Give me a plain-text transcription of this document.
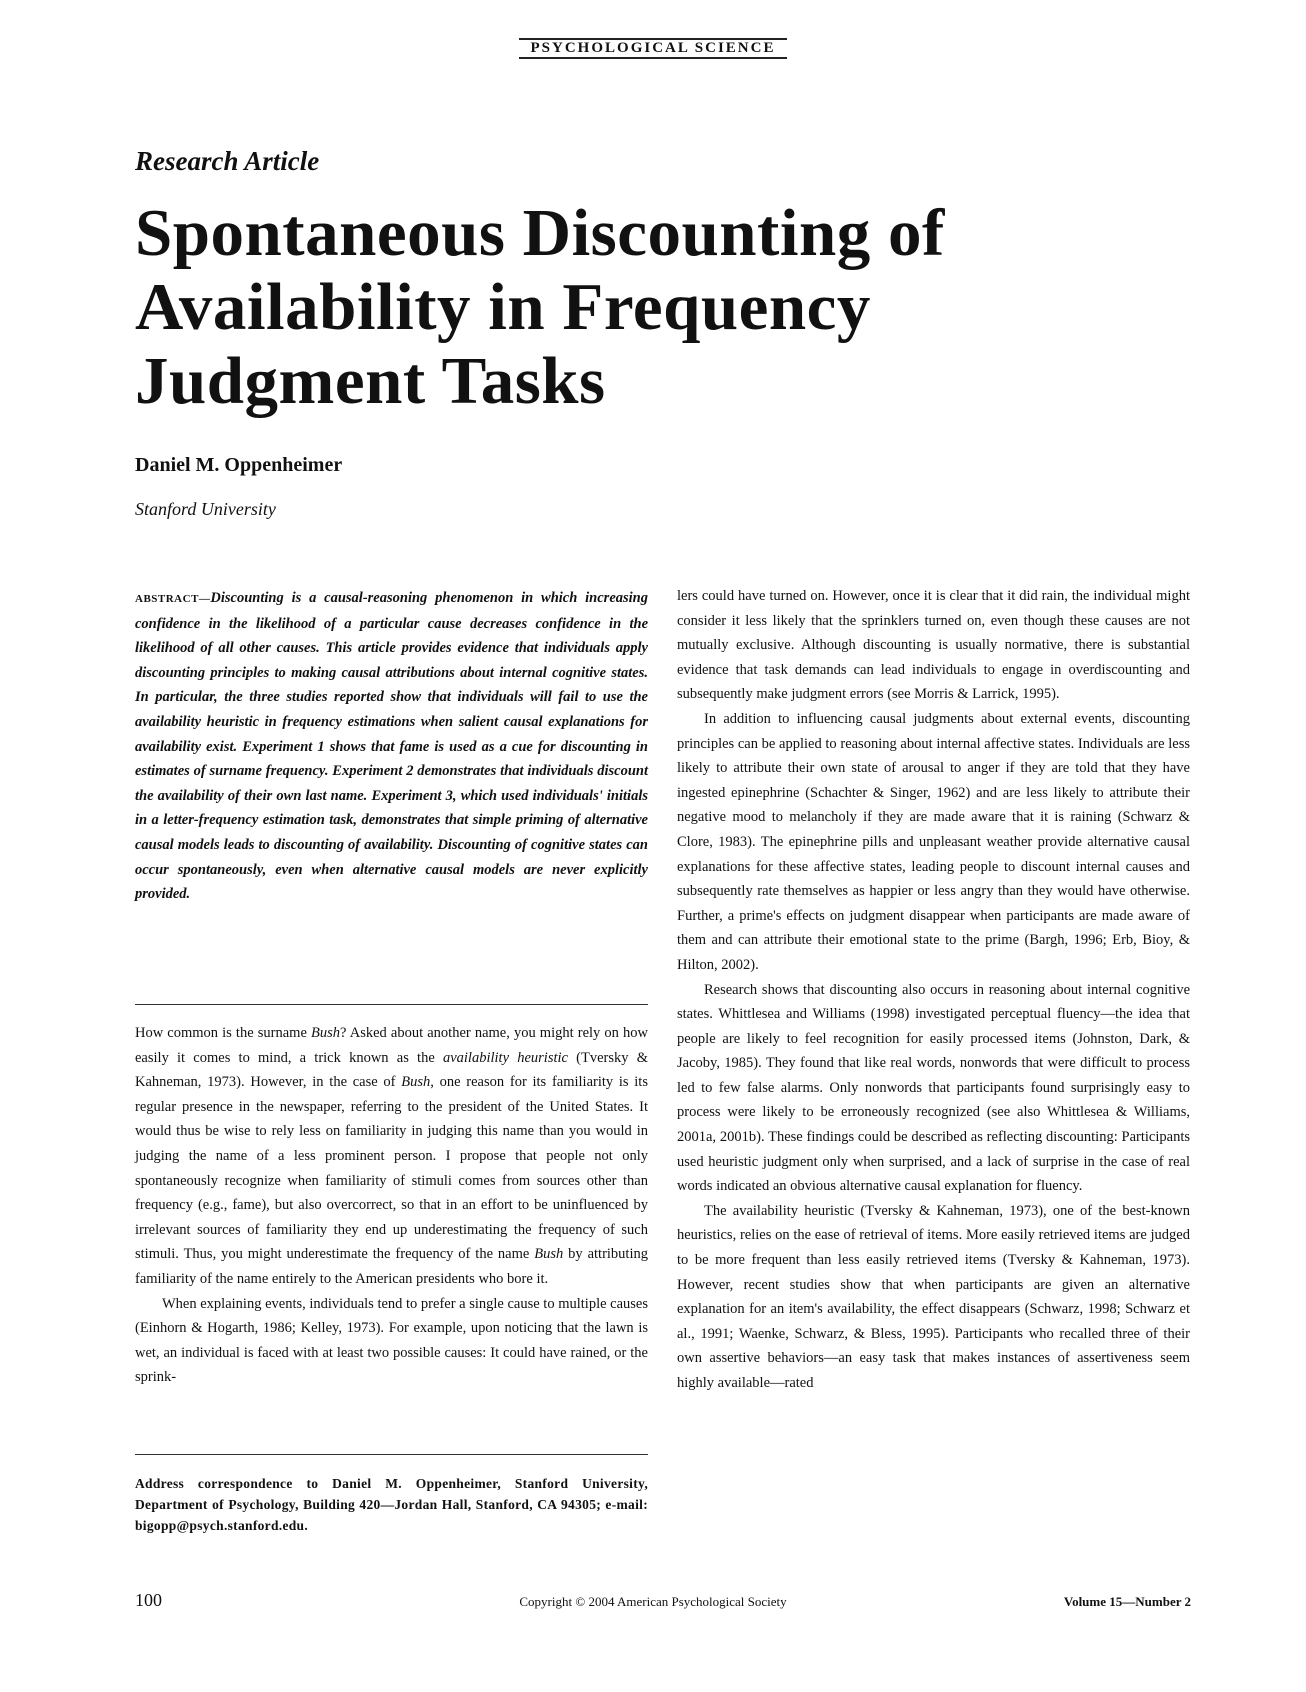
PSYCHOLOGICAL SCIENCE
Research Article
Spontaneous Discounting of Availability in Frequency Judgment Tasks
Daniel M. Oppenheimer
Stanford University

ABSTRACT—Discounting is a causal-reasoning phenomenon in which increasing confidence in the likelihood of a particular cause decreases confidence in the likelihood of all other causes. This article provides evidence that individuals apply discounting principles to making causal attributions about internal cognitive states. In particular, the three studies reported show that individuals will fail to use the availability heuristic in frequency estimations when salient causal explanations for availability exist. Experiment 1 shows that fame is used as a cue for discounting in estimates of surname frequency. Experiment 2 demonstrates that individuals discount the availability of their own last name. Experiment 3, which used individuals' initials in a letter-frequency estimation task, demonstrates that simple priming of alternative causal models leads to discounting of availability. Discounting of cognitive states can occur spontaneously, even when alternative causal models are never explicitly provided.

How common is the surname Bush? Asked about another name, you might rely on how easily it comes to mind, a trick known as the availability heuristic (Tversky & Kahneman, 1973). However, in the case of Bush, one reason for its familiarity is its regular presence in the newspaper, referring to the president of the United States. It would thus be wise to rely less on familiarity in judging this name than you would in judging the name of a less prominent person. I propose that people not only spontaneously recognize when familiarity of stimuli comes from sources other than frequency (e.g., fame), but also overcorrect, so that in an effort to be uninfluenced by irrelevant sources of familiarity they end up underestimating the frequency of such stimuli. Thus, you might underestimate the frequency of the name Bush by attributing familiarity of the name entirely to the American presidents who bore it.

When explaining events, individuals tend to prefer a single cause to multiple causes (Einhorn & Hogarth, 1986; Kelley, 1973). For example, upon noticing that the lawn is wet, an individual is faced with at least two possible causes: It could have rained, or the sprink-

Address correspondence to Daniel M. Oppenheimer, Stanford University, Department of Psychology, Building 420—Jordan Hall, Stanford, CA 94305; e-mail: bigopp@psych.stanford.edu.

lers could have turned on. However, once it is clear that it did rain, the individual might consider it less likely that the sprinklers turned on, even though these causes are not mutually exclusive. Although discounting is usually normative, there is substantial evidence that task demands can lead individuals to engage in overdiscounting and subsequently make judgment errors (see Morris & Larrick, 1995).

In addition to influencing causal judgments about external events, discounting principles can be applied to reasoning about internal affective states. Individuals are less likely to attribute their own state of arousal to anger if they are told that they have ingested epinephrine (Schachter & Singer, 1962) and are less likely to attribute their negative mood to melancholy if they are made aware that it is raining (Schwarz & Clore, 1983). The epinephrine pills and unpleasant weather provide alternative causal explanations for these affective states, leading people to discount internal causes and subsequently rate themselves as happier or less angry than they would have otherwise. Further, a prime's effects on judgment disappear when participants are made aware of them and can attribute their emotional state to the prime (Bargh, 1996; Erb, Bioy, & Hilton, 2002).

Research shows that discounting also occurs in reasoning about internal cognitive states. Whittlesea and Williams (1998) investigated perceptual fluency—the idea that people are likely to feel recognition for easily processed items (Johnston, Dark, & Jacoby, 1985). They found that like real words, nonwords that were difficult to process led to few false alarms. Only nonwords that participants found surprisingly easy to process were likely to be erroneously recognized (see also Whittlesea & Williams, 2001a, 2001b). These findings could be described as reflecting discounting: Participants used heuristic judgment only when surprised, and a lack of surprise in the case of real words indicated an obvious alternative causal explanation for fluency.

The availability heuristic (Tversky & Kahneman, 1973), one of the best-known heuristics, relies on the ease of retrieval of items. More easily retrieved items are judged to be more frequent than less easily retrieved items (Tversky & Kahneman, 1973). However, recent studies show that when participants are given an alternative explanation for an item's availability, the effect disappears (Schwarz, 1998; Schwarz et al., 1991; Waenke, Schwarz, & Bless, 1995). Participants who recalled three of their own assertive behaviors—an easy task that makes instances of assertiveness seem highly available—rated

100	Copyright © 2004 American Psychological Society	Volume 15—Number 2
